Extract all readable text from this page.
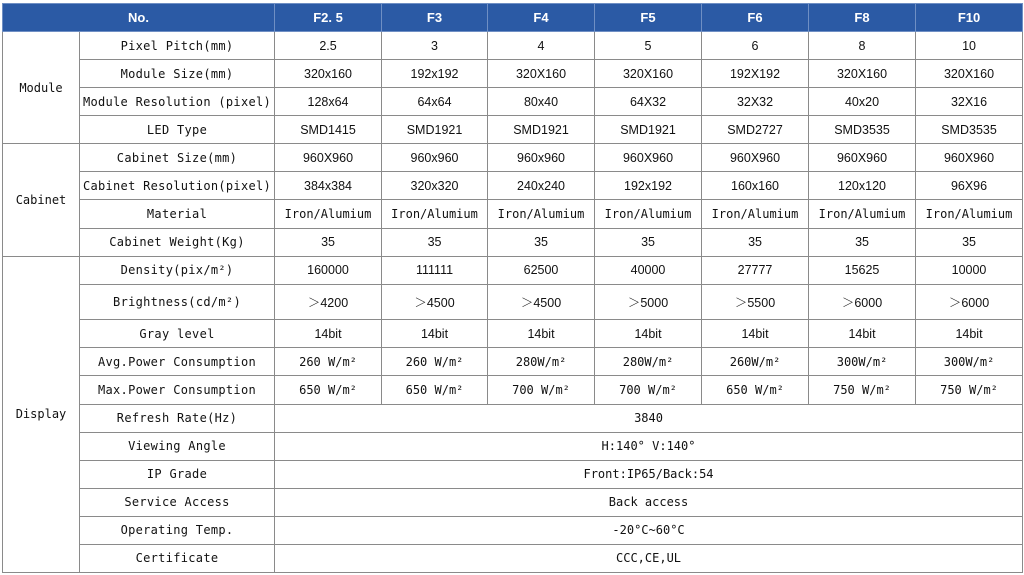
No.		F2. 5	F3	F4	F5	F6	F8	F10
Module	Pixel Pitch(mm)	2.5	3	4	5	6	8	10
	Module Size(mm)	320x160	192x192	320X160	320X160	192X192	320X160	320X160
	Module Resolution (pixel)	128x64	64x64	80x40	64X32	32X32	40x20	32X16
	LED Type	SMD1415	SMD1921	SMD1921	SMD1921	SMD2727	SMD3535	SMD3535
Cabinet	Cabinet Size(mm)	960X960	960x960	960x960	960X960	960X960	960X960	960X960
	Cabinet Resolution(pixel)	384x384	320x320	240x240	192x192	160x160	120x120	96X96
	Material	Iron/Alumium	Iron/Alumium	Iron/Alumium	Iron/Alumium	Iron/Alumium	Iron/Alumium	Iron/Alumium
	Cabinet Weight(Kg)	35	35	35	35	35	35	35
Display	Density(pix/m²)	160000	111111	62500	40000	27777	15625	10000
	Brightness(cd/m²)	＞4200	＞4500	＞4500	＞5000	＞5500	＞6000	＞6000
	Gray level	14bit	14bit	14bit	14bit	14bit	14bit	14bit
	Avg.Power Consumption	260 W/m²	260 W/m²	280W/m²	280W/m²	260W/m²	300W/m²	300W/m²
	Max.Power Consumption	650 W/m²	650 W/m²	700 W/m²	700 W/m²	650 W/m²	750 W/m²	750 W/m²
	Refresh Rate(Hz)	3840						
	Viewing Angle	H:140° V:140°						
	IP Grade	Front:IP65/Back:54						
	Service Access	Back access						
	Operating Temp.	-20°C~60°C						
	Certificate	CCC,CE,UL						
